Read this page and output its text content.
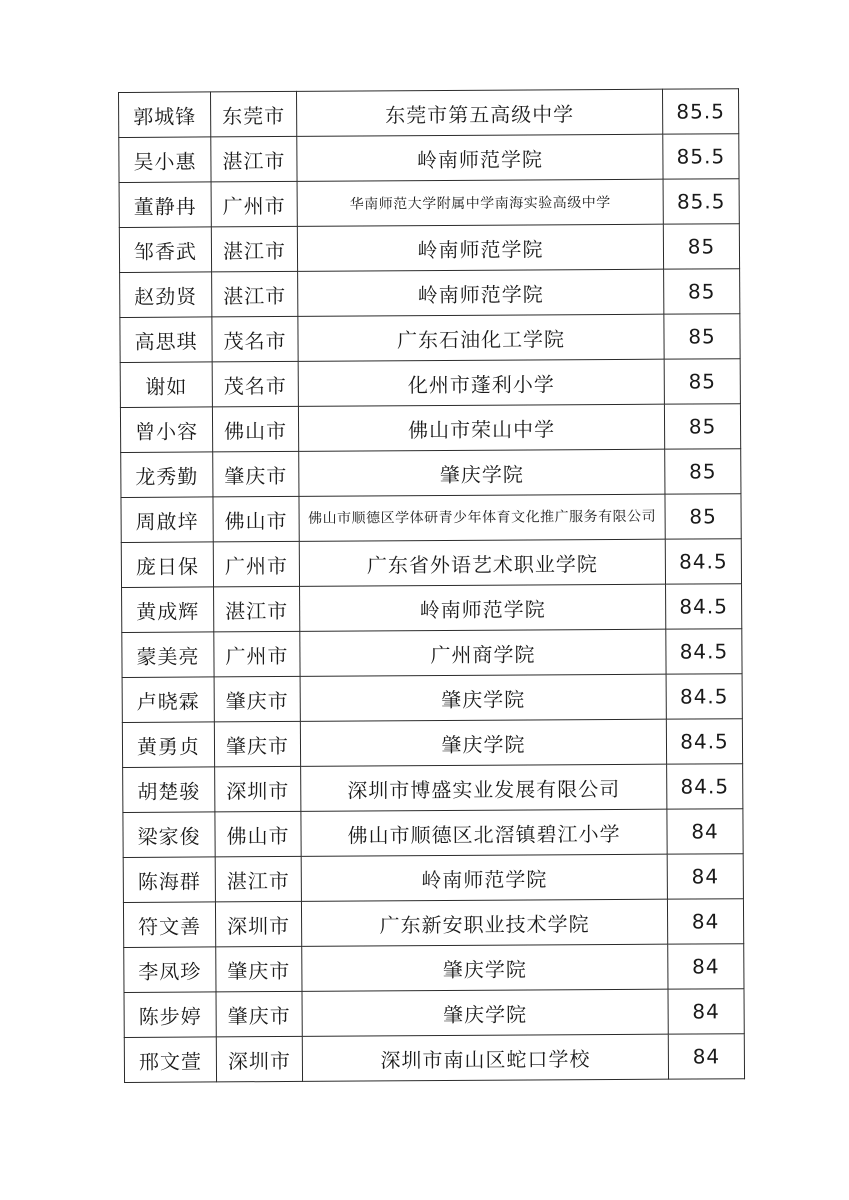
郭城锋	东莞市	东莞市第五高级中学	85.5
吴小惠	湛江市	岭南师范学院	85.5
董静冉	广州市	华南师范大学附属中学南海实验高级中学	85.5
邹香武	湛江市	岭南师范学院	85
赵劲贤	湛江市	岭南师范学院	85
高思琪	茂名市	广东石油化工学院	85
谢如	茂名市	化州市蓬利小学	85
曾小容	佛山市	佛山市荣山中学	85
龙秀勤	肇庆市	肇庆学院	85
周啟垶	佛山市	佛山市顺德区学体研青少年体育文化推广服务有限公司	85
庞日保	广州市	广东省外语艺术职业学院	84.5
黄成辉	湛江市	岭南师范学院	84.5
蒙美亮	广州市	广州商学院	84.5
卢晓霖	肇庆市	肇庆学院	84.5
黄勇贞	肇庆市	肇庆学院	84.5
胡楚骏	深圳市	深圳市博盛实业发展有限公司	84.5
梁家俊	佛山市	佛山市顺德区北滘镇碧江小学	84
陈海群	湛江市	岭南师范学院	84
符文善	深圳市	广东新安职业技术学院	84
李凤珍	肇庆市	肇庆学院	84
陈步婷	肇庆市	肇庆学院	84
邢文萱	深圳市	深圳市南山区蛇口学校	84
